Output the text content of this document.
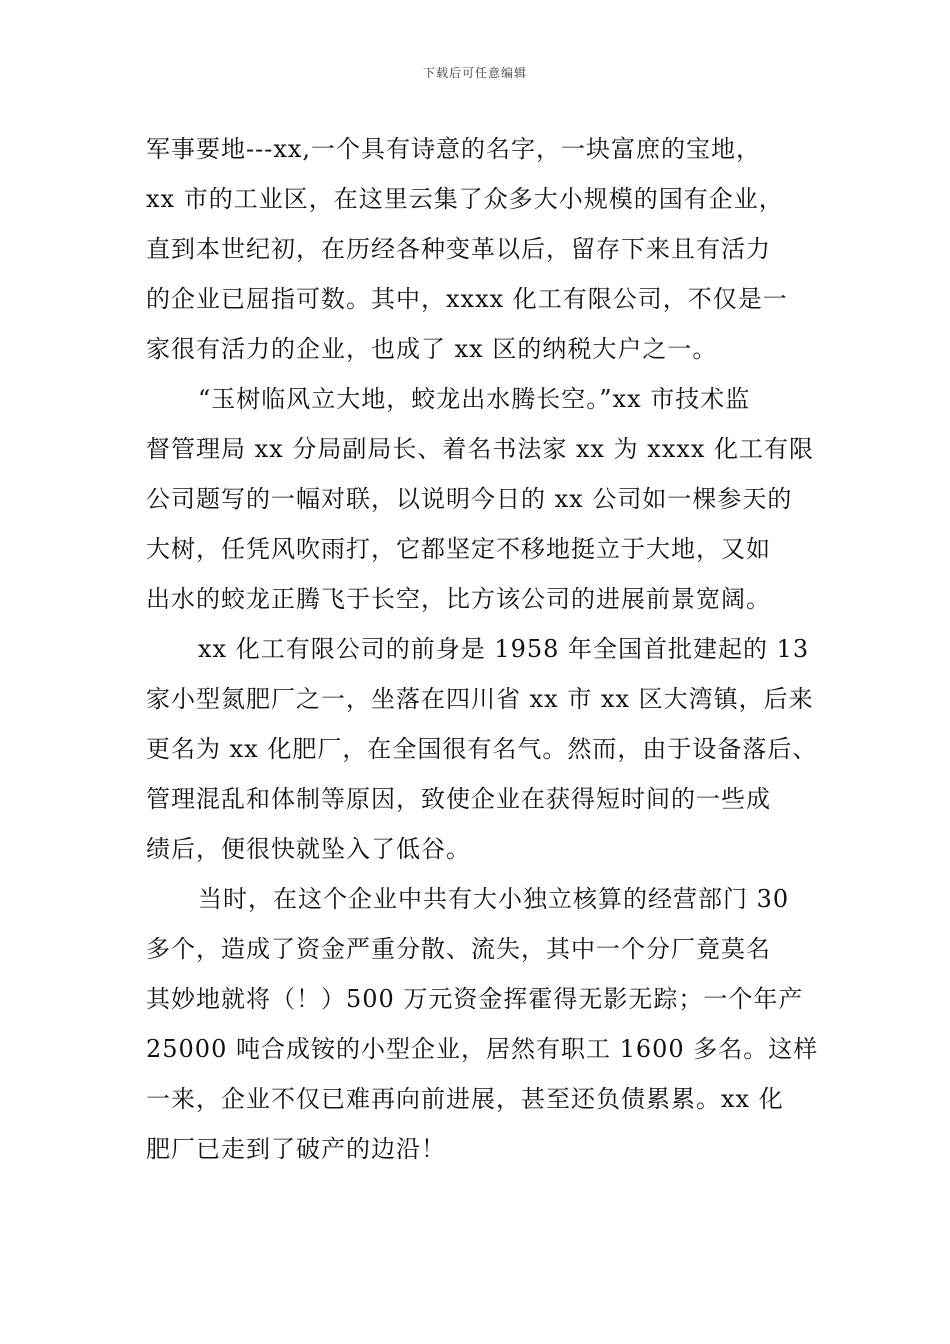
下载后可任意编辑
军事要地---xx,一个具有诗意的名字，一块富庶的宝地，
xx 市的工业区，在这里云集了众多大小规模的国有企业，
直到本世纪初，在历经各种变革以后，留存下来且有活力
的企业已屈指可数。其中，xxxx 化工有限公司，不仅是一
家很有活力的企业，也成了 xx 区的纳税大户之一。
“玉树临风立大地，蛟龙出水腾长空。”xx 市技术监
督管理局 xx 分局副局长、着名书法家 xx 为 xxxx 化工有限
公司题写的一幅对联，以说明今日的 xx 公司如一棵参天的
大树，任凭风吹雨打，它都坚定不移地挺立于大地，又如
出水的蛟龙正腾飞于长空，比方该公司的进展前景宽阔。
xx 化工有限公司的前身是 1958 年全国首批建起的 13
家小型氮肥厂之一，坐落在四川省 xx 市 xx 区大湾镇，后来
更名为 xx 化肥厂，在全国很有名气。然而，由于设备落后、
管理混乱和体制等原因，致使企业在获得短时间的一些成
绩后，便很快就坠入了低谷。
当时，在这个企业中共有大小独立核算的经营部门 30
多个，造成了资金严重分散、流失，其中一个分厂竟莫名
其妙地就将（！）500 万元资金挥霍得无影无踪；一个年产
25000 吨合成铵的小型企业，居然有职工 1600 多名。这样
一来，企业不仅已难再向前进展，甚至还负债累累。xx 化
肥厂已走到了破产的边沿！
